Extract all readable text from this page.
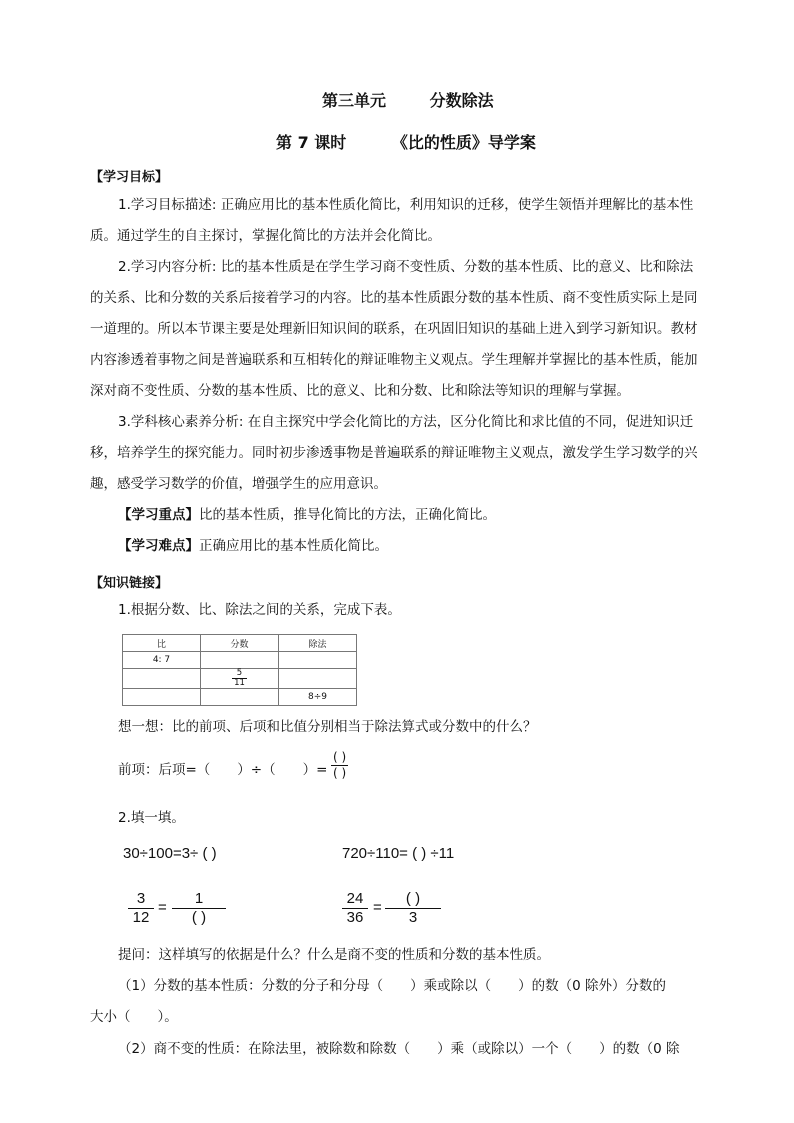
第三单元	分数除法
第 7 课时	《比的性质》导学案
【学习目标】
1.学习目标描述: 正确应用比的基本性质化简比，利用知识的迁移，使学生领悟并理解比的基本性质。通过学生的自主探讨，掌握化简比的方法并会化简比。
2.学习内容分析: 比的基本性质是在学生学习商不变性质、分数的基本性质、比的意义、比和除法的关系、比和分数的关系后接着学习的内容。比的基本性质跟分数的基本性质、商不变性质实际上是同一道理的。所以本节课主要是处理新旧知识间的联系，在巩固旧知识的基础上进入到学习新知识。教材内容渗透着事物之间是普遍联系和互相转化的辩证唯物主义观点。学生理解并掌握比的基本性质，能加深对商不变性质、分数的基本性质、比的意义、比和分数、比和除法等知识的理解与掌握。
3.学科核心素养分析: 在自主探究中学会化简比的方法，区分化简比和求比值的不同，促进知识迁移，培养学生的探究能力。同时初步渗透事物是普遍联系的辩证唯物主义观点，激发学生学习数学的兴趣，感受学习数学的价值，增强学生的应用意识。
【学习重点】比的基本性质，推导化简比的方法，正确化简比。
【学习难点】正确应用比的基本性质化简比。
【知识链接】
1.根据分数、比、除法之间的关系，完成下表。
比	分数	除法
4: 7		

	$\frac{5}{11}$

		8÷9
想一想：比的前项、后项和比值分别相当于除法算式或分数中的什么？
前项：后项=（　　）÷（　　）=
( )
( )
2.填一填。
30÷100=3÷ ( )	720÷110= ( ) ÷11
$\frac{3}{12}$ =
1
( )	$\frac{24}{36}$ =
( )
3
提问：这样填写的依据是什么？什么是商不变的性质和分数的基本性质。
（1）分数的基本性质：分数的分子和分母（　　）乘或除以（　　）的数（0 除外）分数的
大小（　　）。
（2）商不变的性质：在除法里，被除数和除数（　　）乘（或除以）一个（　　）的数（0 除
